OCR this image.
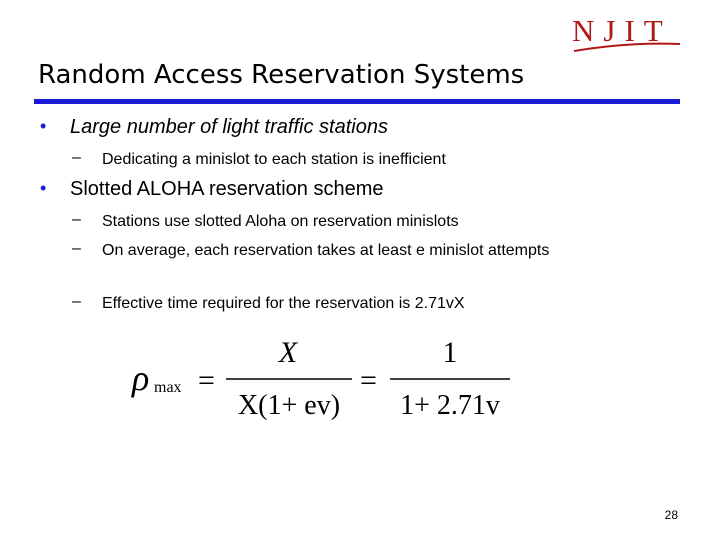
NJIT
Random Access Reservation Systems
• Large number of light traffic stations
– Dedicating a minislot to each station is inefficient
• Slotted ALOHA reservation scheme
– Stations use slotted Aloha on reservation minislots
– On average, each reservation takes at least e minislot attempts
– Effective time required for the reservation is 2.71vX
ρ max =
X
X(1+ ev)
=
1
1+ 2.71v
28
